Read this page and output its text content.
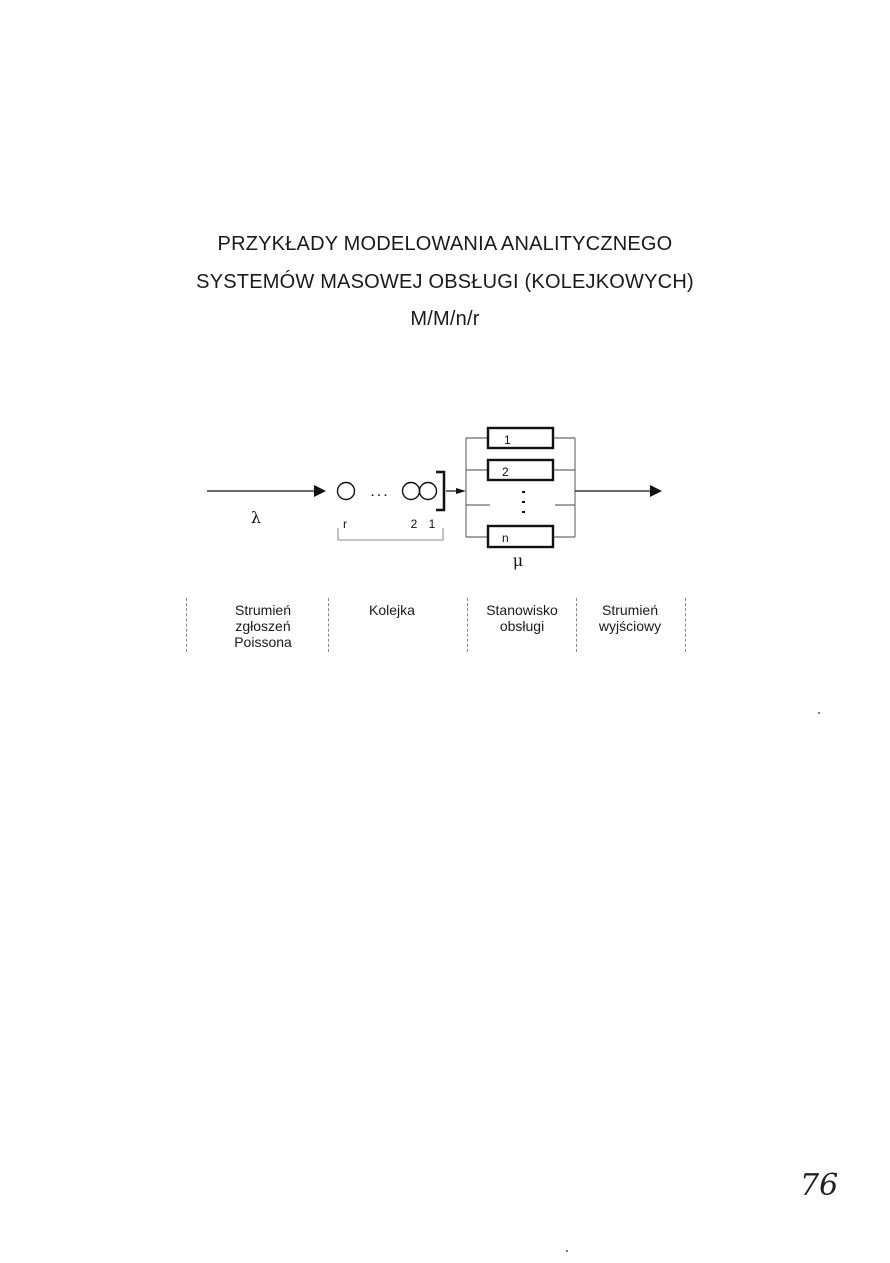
PRZYKŁADY MODELOWANIA ANALITYCZNEGO
SYSTEMÓW MASOWEJ OBSŁUGI (KOLEJKOWYCH)
M/M/n/r
λ
...
r	2 1
1
2
n
μ
Strumień zgłoszeń Poissona
Kolejka	Stanowisko obsługi
Strumień wyjściowy
76
